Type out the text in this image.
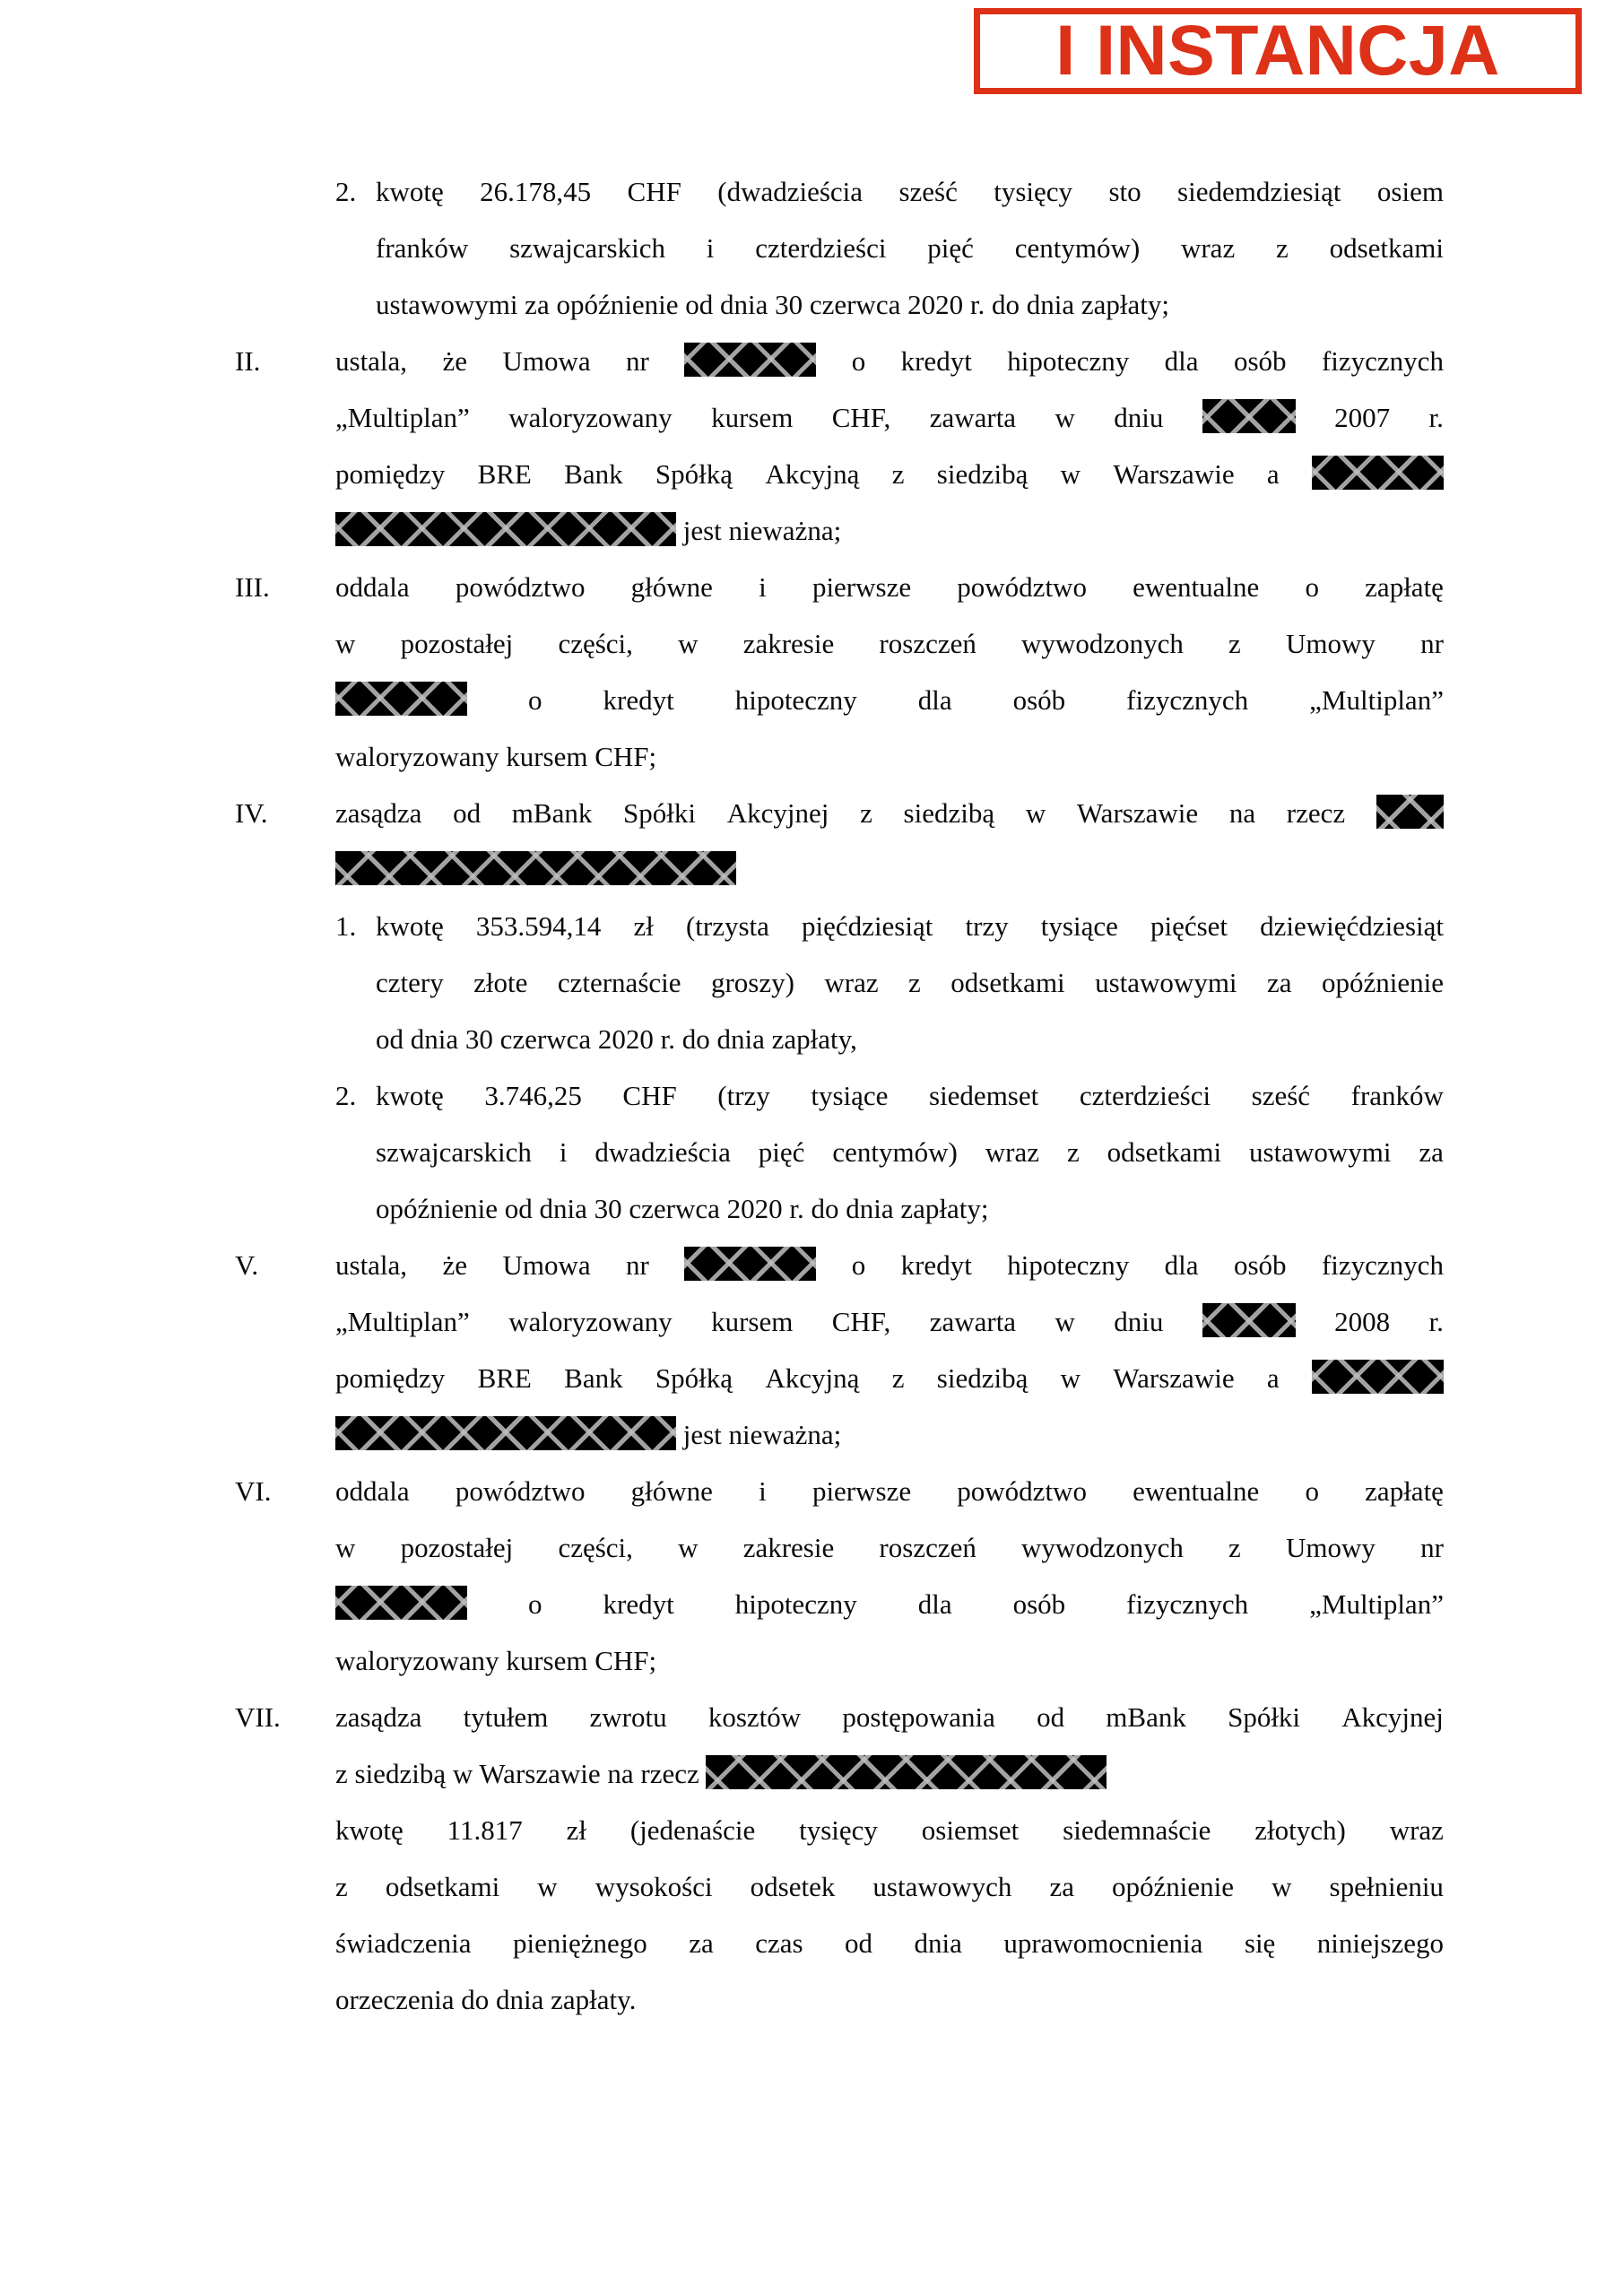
I INSTANCJA
2. kwotę 26.178,45 CHF (dwadzieścia sześć tysięcy sto siedemdziesiąt osiem

franków szwajcarskich i czterdzieści pięć centymów) wraz z odsetkami

ustawowymi za opóźnienie od dnia 30 czerwca 2020 r. do dnia zapłaty;

II.	ustala, że Umowa nr	o kredyt hipoteczny dla osób fizycznych

„Multiplan” waloryzowany kursem CHF, zawarta w dniu	2007 r.

pomiędzy BRE Bank Spółką Akcyjną z siedzibą w Warszawie a

jest nieważna;

III.	oddala powództwo główne i pierwsze powództwo ewentualne o zapłatę

w pozostałej części, w zakresie roszczeń wywodzonych z Umowy nr

o kredyt hipoteczny dla osób fizycznych „Multiplan”

waloryzowany kursem CHF;

IV.	zasądza od mBank Spółki Akcyjnej z siedzibą w Warszawie na rzecz

1. kwotę 353.594,14 zł (trzysta pięćdziesiąt trzy tysiące pięćset dziewięćdziesiąt

cztery złote czternaście groszy) wraz z odsetkami ustawowymi za opóźnienie

od dnia 30 czerwca 2020 r. do dnia zapłaty,

2. kwotę 3.746,25 CHF (trzy tysiące siedemset czterdzieści sześć franków

szwajcarskich i dwadzieścia pięć centymów) wraz z odsetkami ustawowymi za

opóźnienie od dnia 30 czerwca 2020 r. do dnia zapłaty;

V.	ustala, że Umowa nr	o kredyt hipoteczny dla osób fizycznych

„Multiplan” waloryzowany kursem CHF, zawarta w dniu	2008 r.

pomiędzy BRE Bank Spółką Akcyjną z siedzibą w Warszawie a

jest nieważna;

VI.	oddala powództwo główne i pierwsze powództwo ewentualne o zapłatę

w pozostałej części, w zakresie roszczeń wywodzonych z Umowy nr

o kredyt hipoteczny dla osób fizycznych „Multiplan”

waloryzowany kursem CHF;

VII.	zasądza tytułem zwrotu kosztów postępowania od mBank Spółki Akcyjnej

z siedzibą w Warszawie na rzecz

kwotę 11.817 zł (jedenaście tysięcy osiemset siedemnaście złotych) wraz

z odsetkami w wysokości odsetek ustawowych za opóźnienie w spełnieniu

świadczenia pieniężnego za czas od dnia uprawomocnienia się niniejszego

orzeczenia do dnia zapłaty.
